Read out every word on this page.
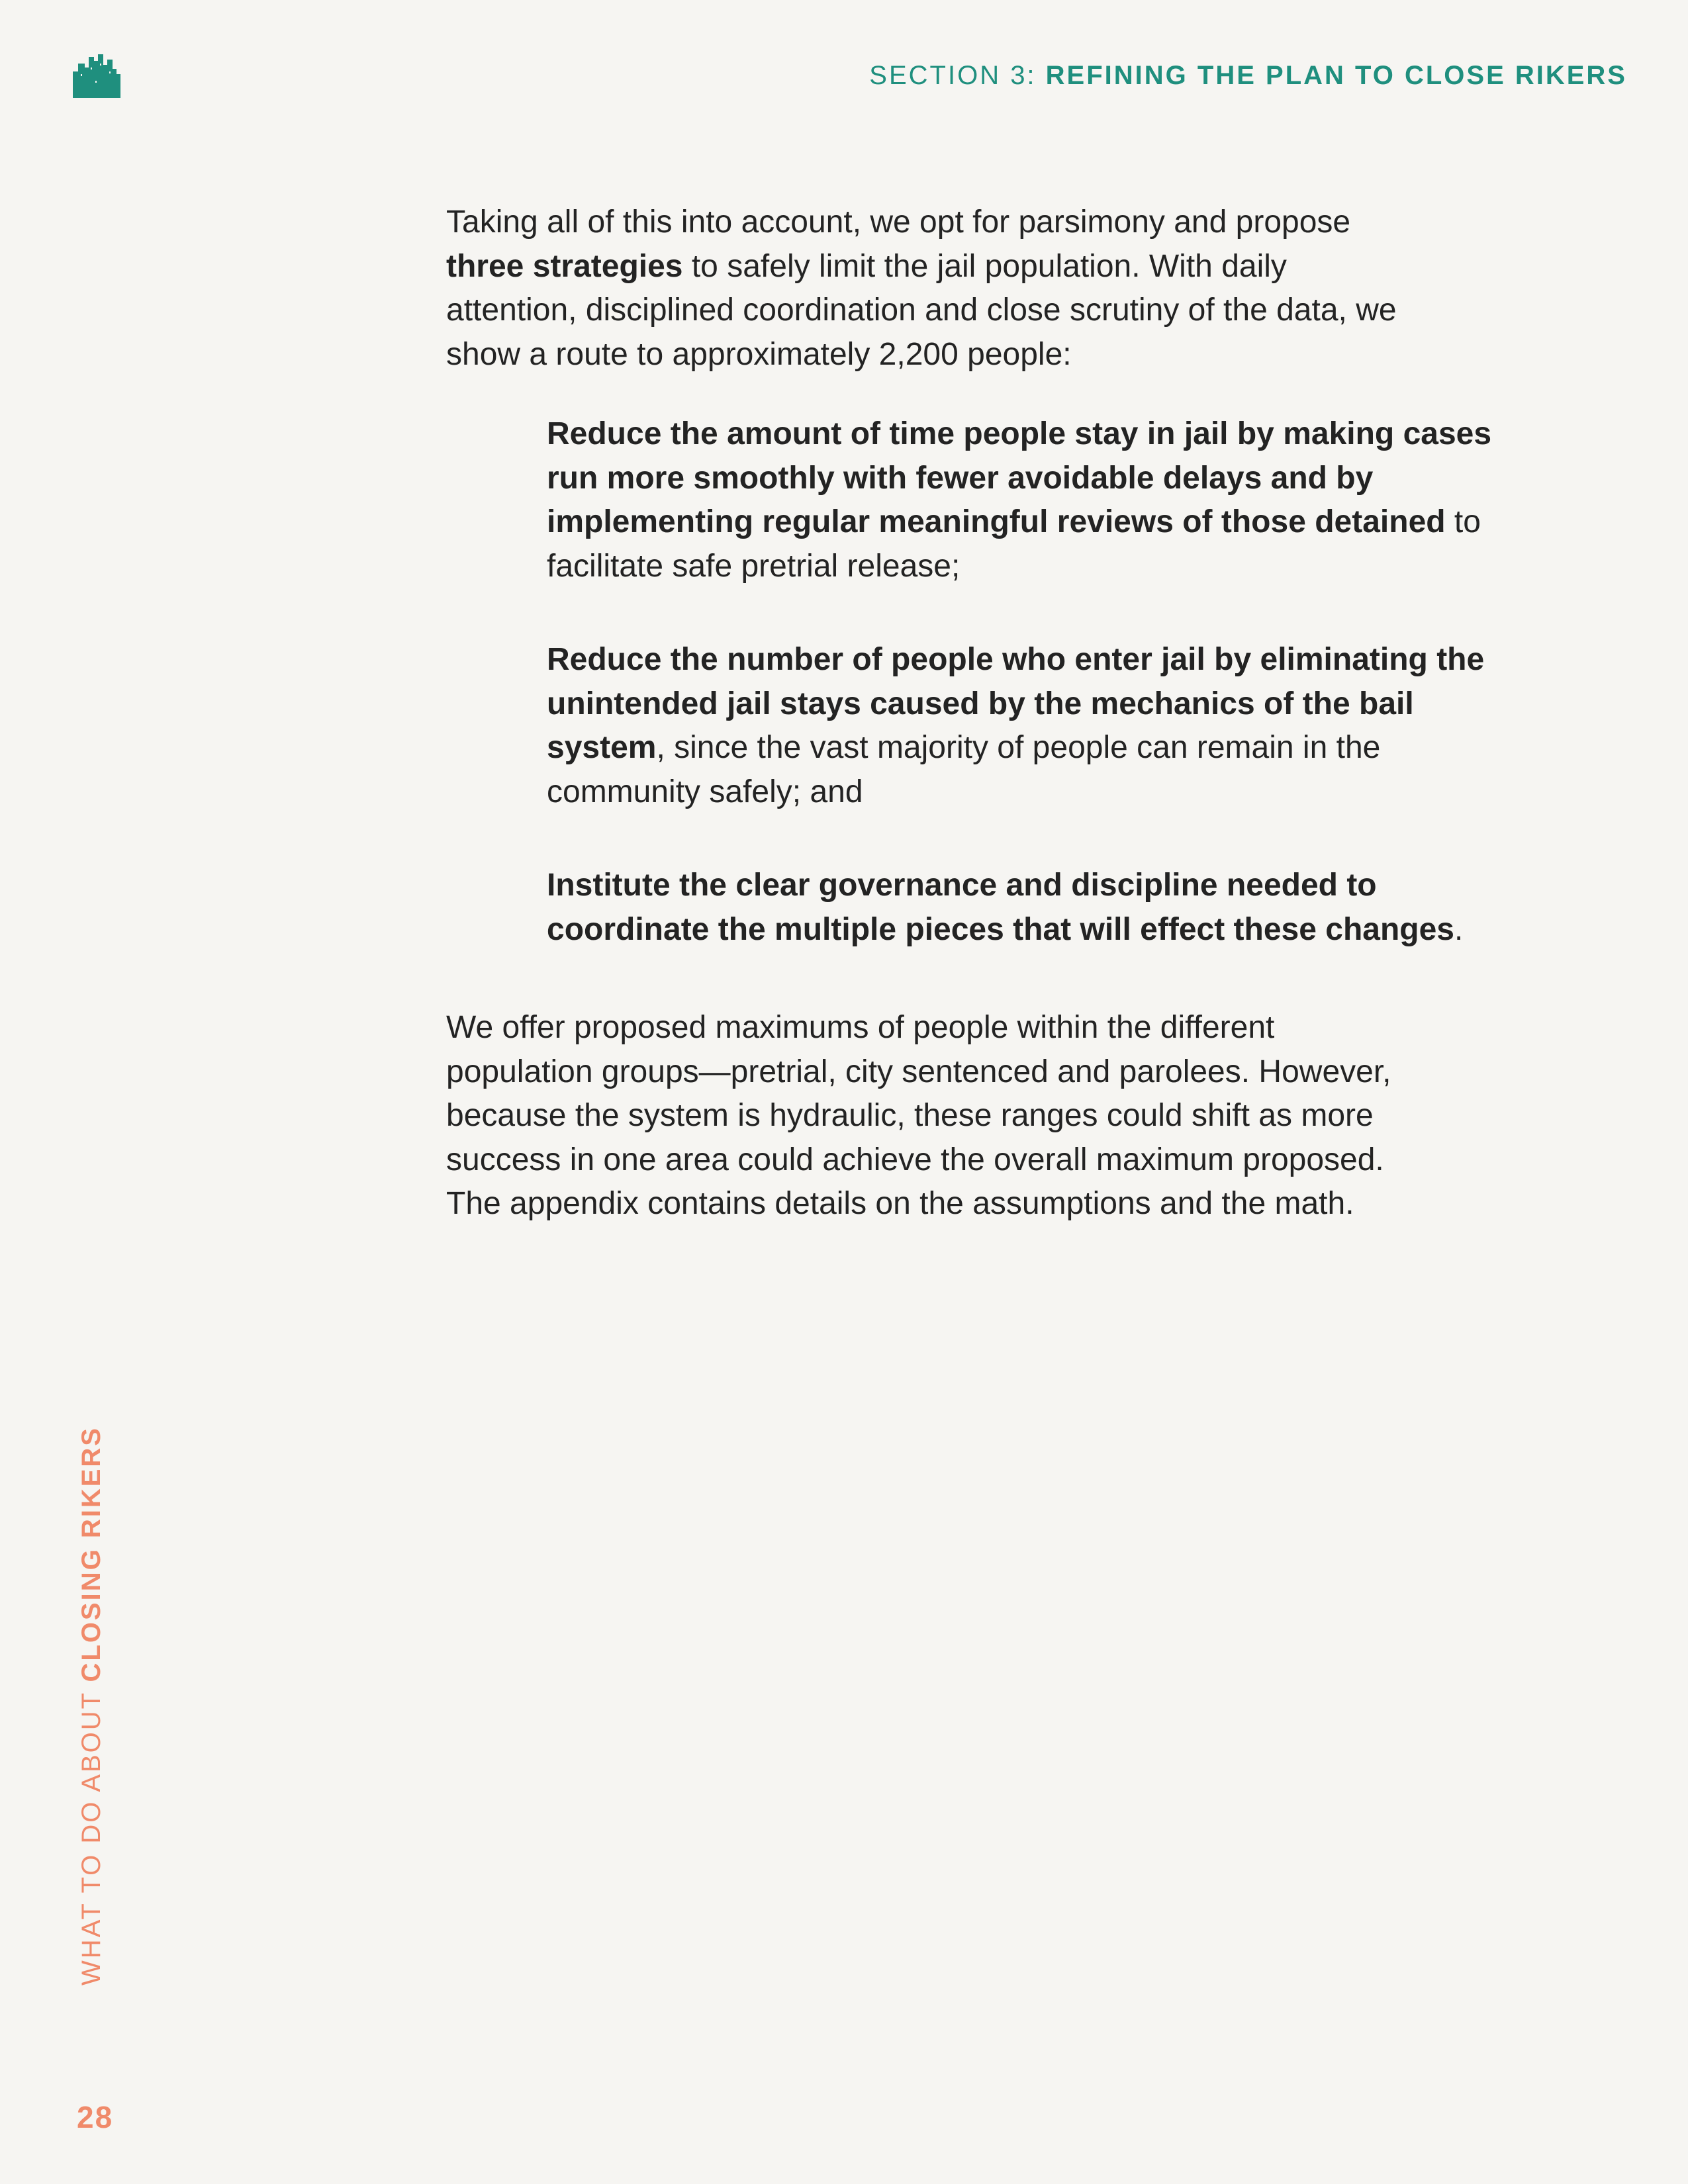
SECTION 3: REFINING THE PLAN TO CLOSE RIKERS

Taking all of this into account, we opt for parsimony and propose three strategies to safely limit the jail population. With daily attention, disciplined coordination and close scrutiny of the data, we show a route to approximately 2,200 people:

Reduce the amount of time people stay in jail by making cases run more smoothly with fewer avoidable delays and by implementing regular meaningful reviews of those detained to facilitate safe pretrial release;

Reduce the number of people who enter jail by eliminating the unintended jail stays caused by the mechanics of the bail system, since the vast majority of people can remain in the community safely; and

Institute the clear governance and discipline needed to coordinate the multiple pieces that will effect these changes.

We offer proposed maximums of people within the different population groups—pretrial, city sentenced and parolees. However, because the system is hydraulic, these ranges could shift as more success in one area could achieve the overall maximum proposed. The appendix contains details on the assumptions and the math.

WHAT TO DO ABOUT CLOSING RIKERS
28
